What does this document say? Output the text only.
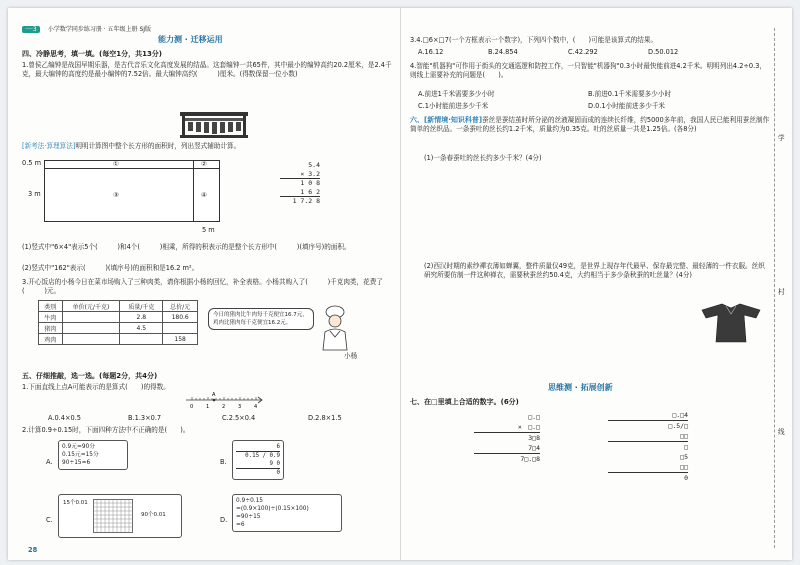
一·3 小学数学同步练习册 · 五年级上册 SJ版
能力测 · 迁移运用
四、冷静思考，填一填。(每空1分，共13分)
1.曾侯乙编钟是战国早期乐器，是古代音乐文化高度发展的结晶。这套编钟一共65件，其中最小的编钟高约20.2厘米，是2.4千克，最大编钟的高度约是最小编钟的7.52倍。最大编钟高约(　　　)厘米。(得数保留一位小数)
[新考法·算理算法]明明计算图中整个长方形的面积时，列出竖式辅助计算。
0.5 m
3 m
①	②
③	④
5 m
5.4
× 3.2
1 0 8
1 6 2
1 7.2 8
(1)竖式中"6×4"表示5个(　　　)和4个(　　　)相乘，所得的积表示的是整个长方形中(　　　)(填序号)的面积。
(2)竖式中"162"表示(　　　)(填序号)的面积和是16.2 m²。
3.开心饭店的小杨今日在菜市场购入了三种肉类，请你根据小杨的回忆，补全表格。小杨共购入了(　　　)千克肉类，花费了(　　　)元。
类别	单价(元/千克)	质量/千克	总价/元
牛肉		2.8	180.6
猪肉		4.5	
鸡肉			158
今日的猪肉比牛肉每千克便宜16.7元，鸡肉比猪肉每千克便宜16.2元。
小杨
五、仔细推敲，选一选。(每题2分，共4分)
1.下面直线上点A可能表示的是算式(　　)的得数。
A
0	1	2	3	4
A.0.4×0.5	B.1.3×0.7	C.2.5×0.4	D.2.8×1.5
2.计算0.9÷0.15时，下面四种方法中不正确的是(　　)。
A.
0.9元=90分
0.15元=15分
90÷15=6	B.
6
0.15 / 0.9
9 0
0
C.
15个0.01
90个0.01
D.
0.9÷0.15
=(0.9×100)÷(0.15×100)
=90÷15
=6
28
3.4.□6×□7(一个方框表示一个数字)，下列四个数中，(　　)可能是该算式的结果。
A.16.12	B.24.854	C.42.292	D.50.012
4.智能"机器狗"可作用于街头的交通巡逻和防控工作，一只智能"机器狗"0.3小时最快能前进4.2千米。明明列出4.2÷0.3，则线上需要补充的问题是(　　)。
A.前进1千米需要多少小时	B.前进0.1千米需要多少小时
C.1小时能前进多少千米	D.0.1小时能前进多少千米
六、[新情境·知识科普]蚕丝是蚕结茧时所分泌的丝液凝固而成的连续长纤维，约5000多年前，我国人民已能利用蚕丝制作简单的丝织品。一条蚕吐的丝长约1.2千米，质量约为0.35克。吐的丝质量一共是1.25倍。(各8分)
(1)一条春蚕吐的丝长约多少千米？(4分)
(2)西汉时期的素纱襌衣薄如蝉翼，整件质量仅49克，是世界上现存年代最早、保存最完整、最轻薄的一件衣服。丝织研究所要仿制一件这种禅衣，需要秋蚕丝约50.4克，大约相当于多少条秋蚕的吐丝量？(4分)
思维测 · 拓展创新
七、在□里填上合适的数字。(6分)
□.□
×　□.□
3□8
7□4
7□.□8
□.□4
□.5/□
□□
□
□5
□□
0
学
村
线
